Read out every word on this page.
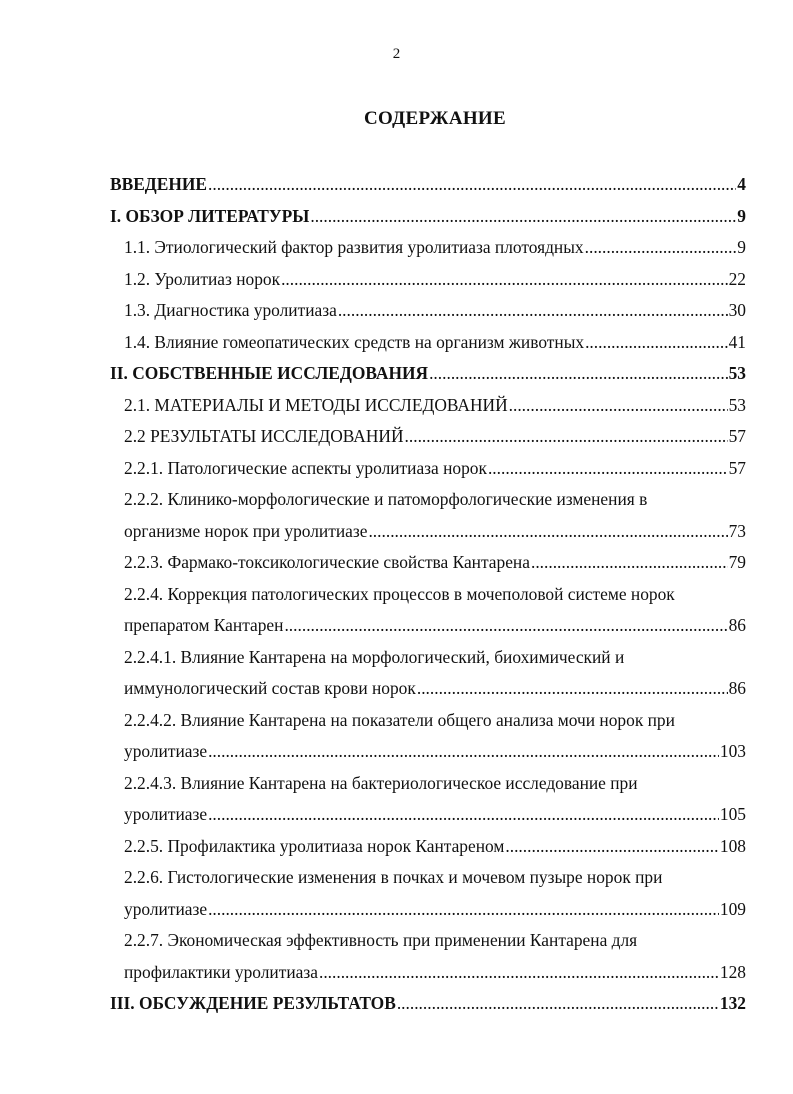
2
СОДЕРЖАНИЕ
ВВЕДЕНИЕ .....	4
I. ОБЗОР ЛИТЕРАТУРЫ .....	9
1.1. Этиологический фактор развития уролитиаза плотоядных .....	9
1.2. Уролитиаз норок .....	22
1.3. Диагностика уролитиаза .....	30
1.4. Влияние гомеопатических средств на организм животных .....	41
II. СОБСТВЕННЫЕ ИССЛЕДОВАНИЯ .....	53
2.1. МАТЕРИАЛЫ И МЕТОДЫ ИССЛЕДОВАНИЙ .....	53
2.2 РЕЗУЛЬТАТЫ ИССЛЕДОВАНИЙ .....	57
2.2.1. Патологические аспекты уролитиаза норок .....	57
2.2.2. Клинико-морфологические и патоморфологические изменения в
организме норок при уролитиазе .....	73
2.2.3. Фармако-токсикологические свойства Кантарена .....	79
2.2.4. Коррекция патологических процессов в мочеполовой системе норок
препаратом Кантарен .....	86
2.2.4.1. Влияние Кантарена на морфологический, биохимический и
иммунологический состав крови норок .....	86
2.2.4.2. Влияние Кантарена на показатели общего анализа мочи норок при
уролитиазе .....	103
2.2.4.3. Влияние Кантарена на бактериологическое исследование при
уролитиазе .....	105
2.2.5. Профилактика уролитиаза норок Кантареном .....	108
2.2.6. Гистологические изменения в почках и мочевом пузыре норок при
уролитиазе .....	109
2.2.7. Экономическая эффективность при применении Кантарена для
профилактики уролитиаза .....	128
III. ОБСУЖДЕНИЕ РЕЗУЛЬТАТОВ .....	132
